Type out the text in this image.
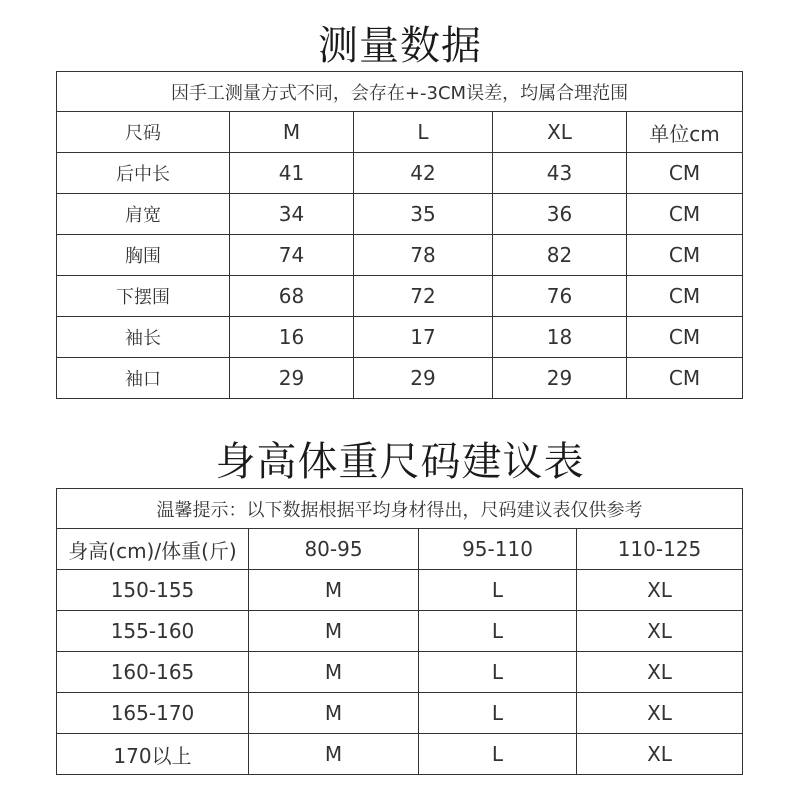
测量数据
因手工测量方式不同，会存在+-3CM误差，均属合理范围				
尺码	M	L	XL	单位cm
后中长	41	42	43	CM
肩宽	34	35	36	CM
胸围	74	78	82	CM
下摆围	68	72	76	CM
袖长	16	17	18	CM
袖口	29	29	29	CM
身高体重尺码建议表
温馨提示：以下数据根据平均身材得出，尺码建议表仅供参考			
身高(cm)/体重(斤)	80-95	95-110	110-125
150-155	M	L	XL
155-160	M	L	XL
160-165	M	L	XL
165-170	M	L	XL
170以上	M	L	XL
